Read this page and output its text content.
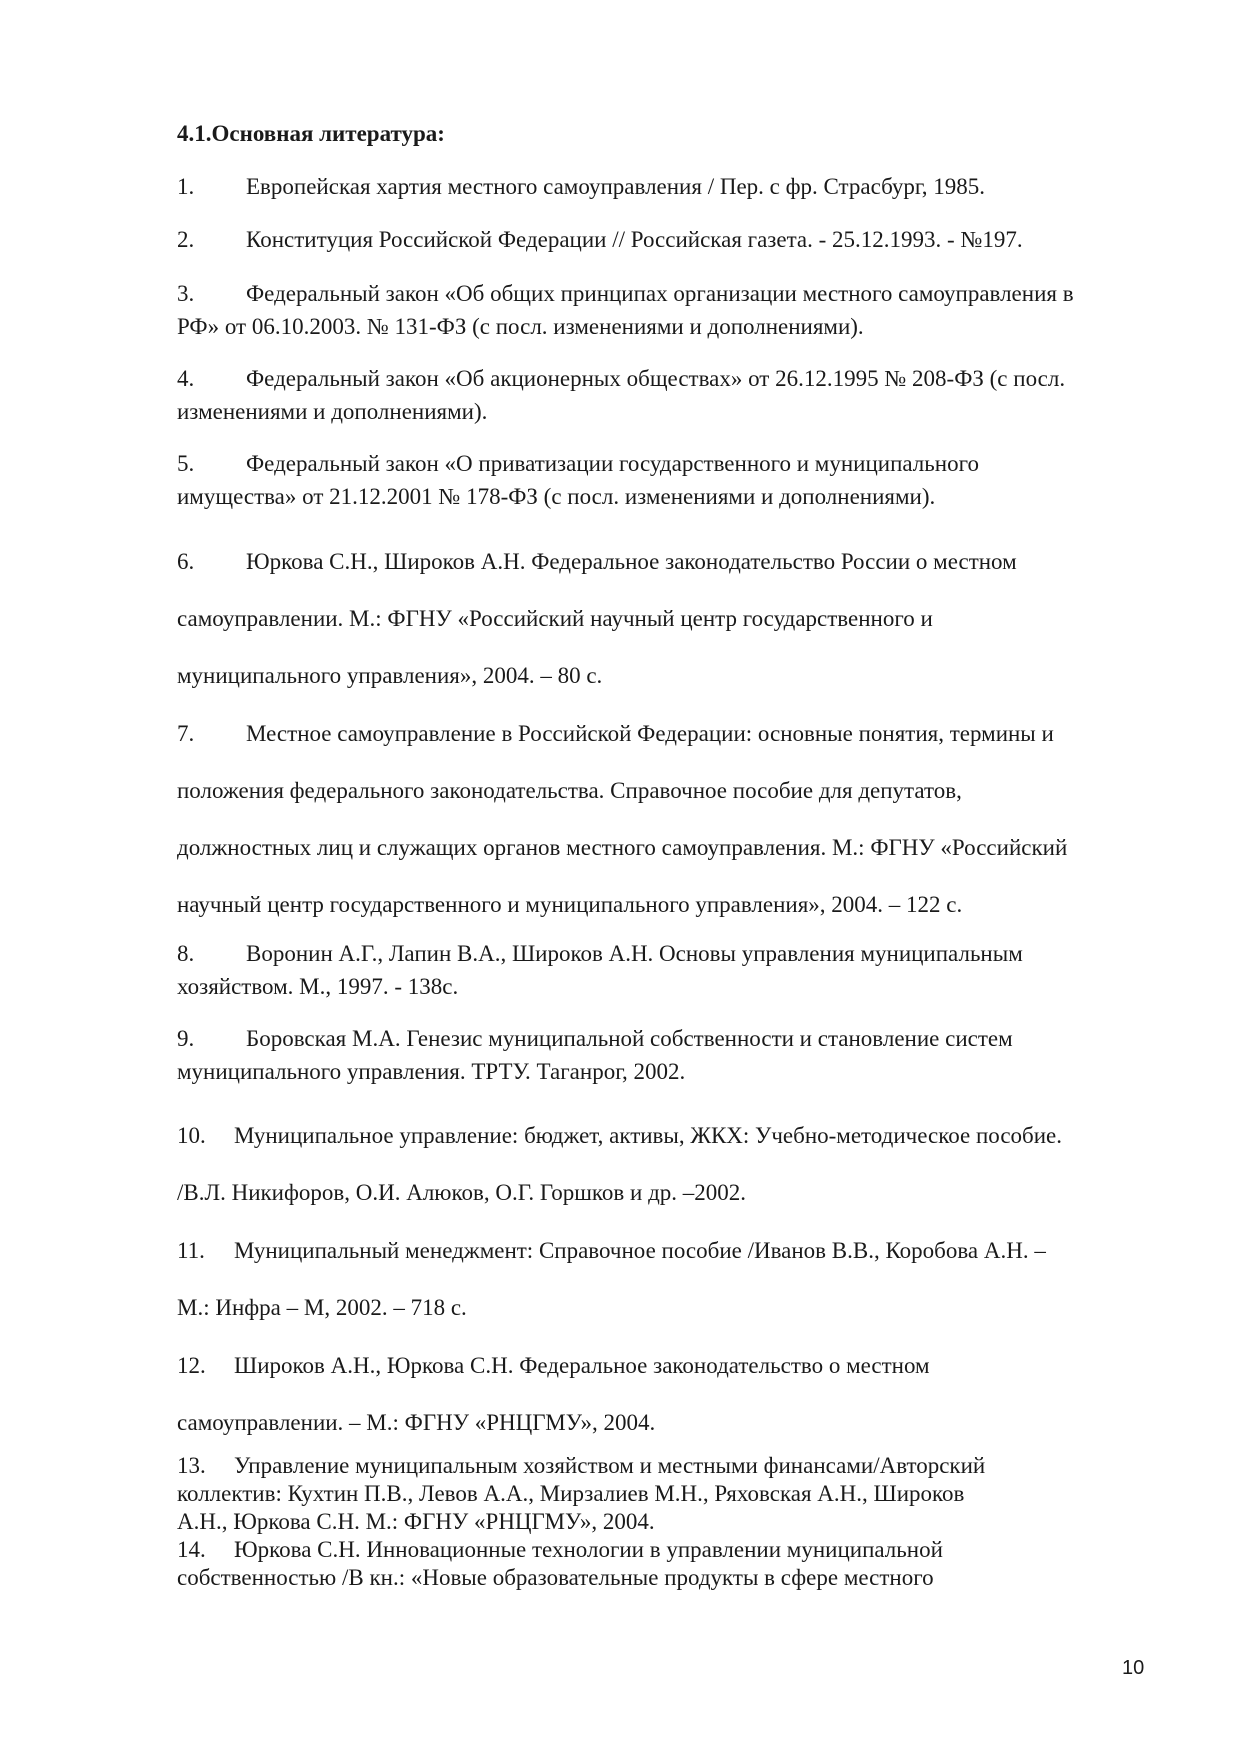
4.1.Основная литература:
1. Европейская хартия местного самоуправления / Пер. с фр. Страсбург, 1985.
2. Конституция Российской Федерации // Российская газета. - 25.12.1993. - №197.
3. Федеральный закон «Об общих принципах организации местного самоуправления в
РФ» от 06.10.2003. № 131-ФЗ (с посл. изменениями и дополнениями).
4. Федеральный закон «Об акционерных обществах» от 26.12.1995 № 208-ФЗ (с посл.
изменениями и дополнениями).
5. Федеральный закон «О приватизации государственного и муниципального
имущества» от 21.12.2001 № 178-ФЗ (с посл. изменениями и дополнениями).
6. Юркова С.Н., Широков А.Н. Федеральное законодательство России о местном
самоуправлении. М.: ФГНУ «Российский научный центр государственного и
муниципального управления», 2004. – 80 с.
7. Местное самоуправление в Российской Федерации: основные понятия, термины и
положения федерального законодательства. Справочное пособие для депутатов,
должностных лиц и служащих органов местного самоуправления. М.: ФГНУ «Российский
научный центр государственного и муниципального управления», 2004. – 122 с.
8. Воронин А.Г., Лапин В.А., Широков А.Н. Основы управления муниципальным
хозяйством. М., 1997. - 138с.
9. Боровская М.А. Генезис муниципальной собственности и становление систем
муниципального управления. ТРТУ. Таганрог, 2002.
10. Муниципальное управление: бюджет, активы, ЖКХ: Учебно-методическое пособие.
/В.Л. Никифоров, О.И. Алюков, О.Г. Горшков и др. –2002.
11. Муниципальный менеджмент: Справочное пособие /Иванов В.В., Коробова А.Н. –
М.: Инфра – М, 2002. – 718 с.
12. Широков А.Н., Юркова С.Н. Федеральное законодательство о местном
самоуправлении. – М.: ФГНУ «РНЦГМУ», 2004.
13. Управление муниципальным хозяйством и местными финансами/Авторский
коллектив: Кухтин П.В., Левов А.А., Мирзалиев М.Н., Ряховская А.Н., Широков
А.Н., Юркова С.Н. М.: ФГНУ «РНЦГМУ», 2004.
14. Юркова С.Н. Инновационные технологии в управлении муниципальной
собственностью /В кн.: «Новые образовательные продукты в сфере местного
10
